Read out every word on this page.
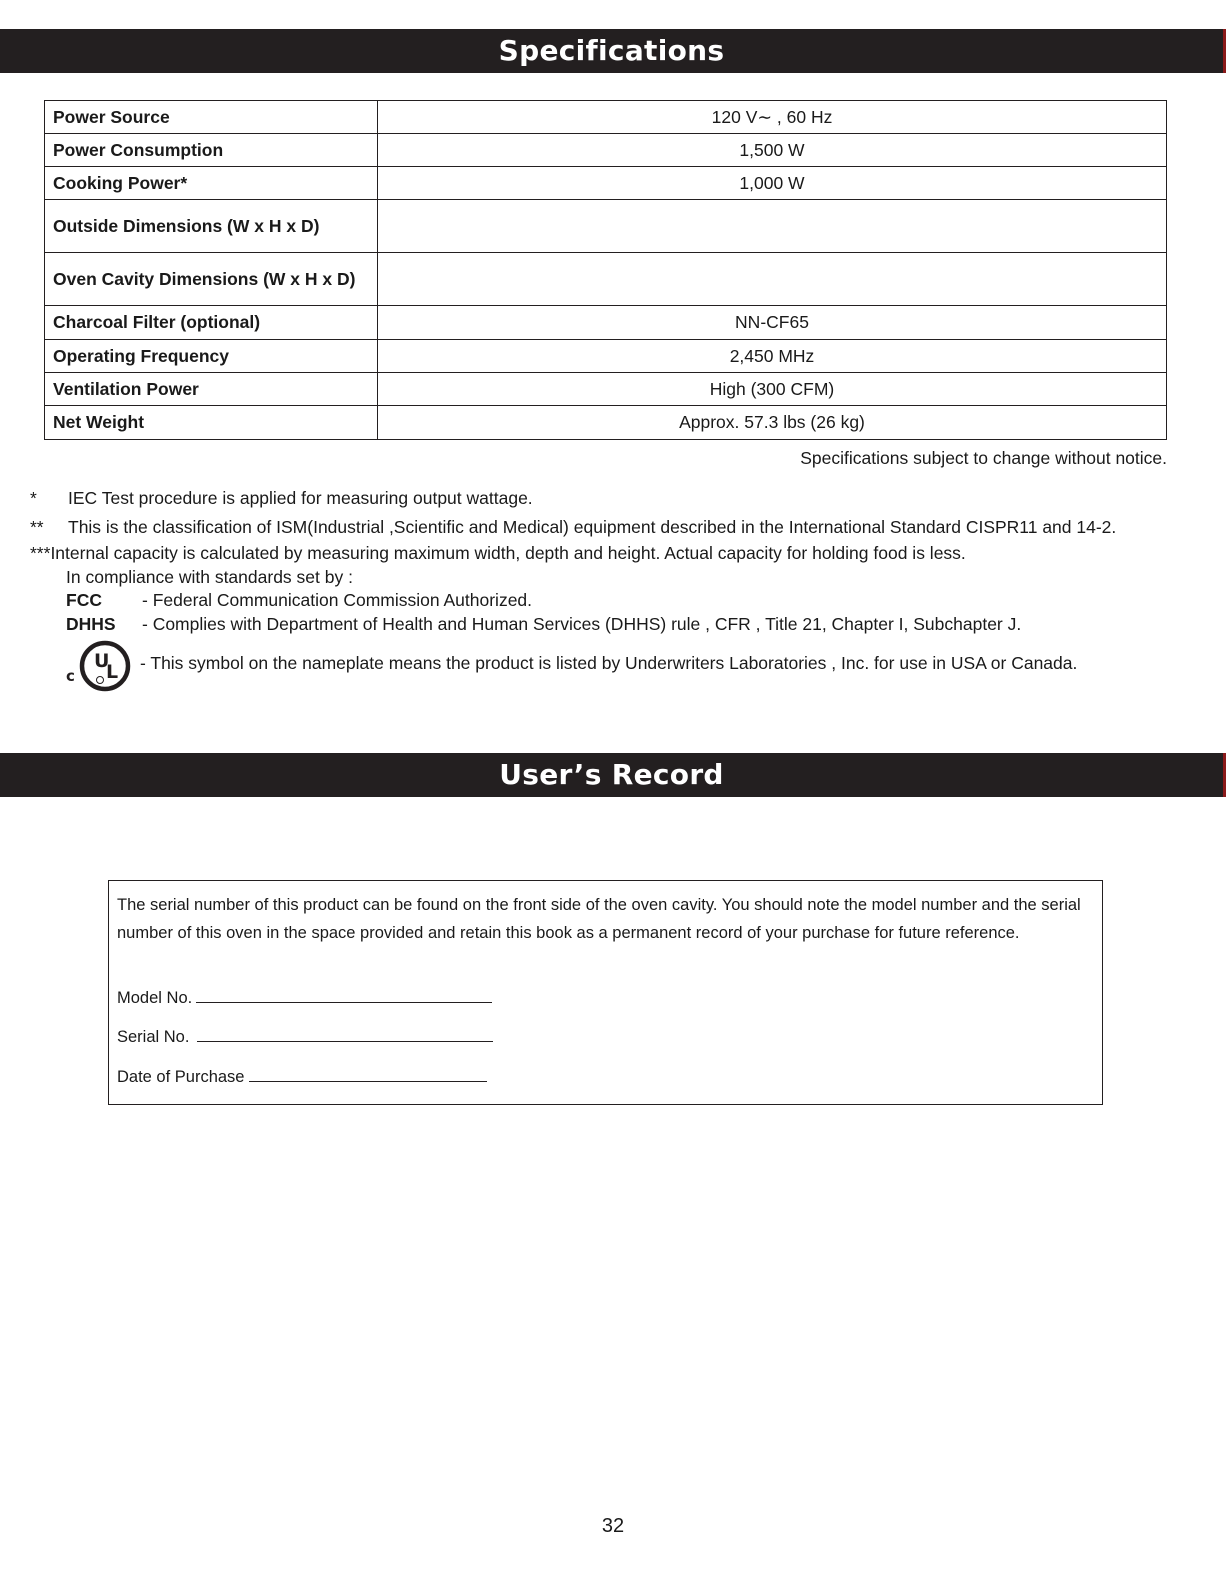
Specifications
Power Source	120 V∼ , 60 Hz
Power Consumption	1,500 W
Cooking Power*	1,000 W
Outside Dimensions (W x H x D)	
Oven Cavity Dimensions (W x H x D)	
Charcoal Filter (optional)	NN-CF65
Operating Frequency	2,450 MHz
Ventilation Power	High (300 CFM)
Net Weight	Approx. 57.3 lbs (26 kg)
Specifications subject to change without notice.
* IEC Test procedure is applied for measuring output wattage.
** This is the classification of ISM(Industrial ,Scientific and Medical) equipment described in the International Standard CISPR11 and 14-2.
***Internal capacity is calculated by measuring maximum width, depth and height. Actual capacity for holding food is less.
In compliance with standards set by :
FCC - Federal Communication Commission Authorized.
DHHS - Complies with Department of Health and Human Services (DHHS) rule , CFR , Title 21, Chapter I, Subchapter J.
c
U
L - This symbol on the nameplate means the product is listed by Underwriters Laboratories , Inc. for use in USA or Canada.
User’s Record

The serial number of this product can be found on the front side of the oven cavity. You should note the model number and the serial number of this oven in the space provided and retain this book as a permanent record of your purchase for future reference.

Model No.
Serial No.
Date of Purchase
32
